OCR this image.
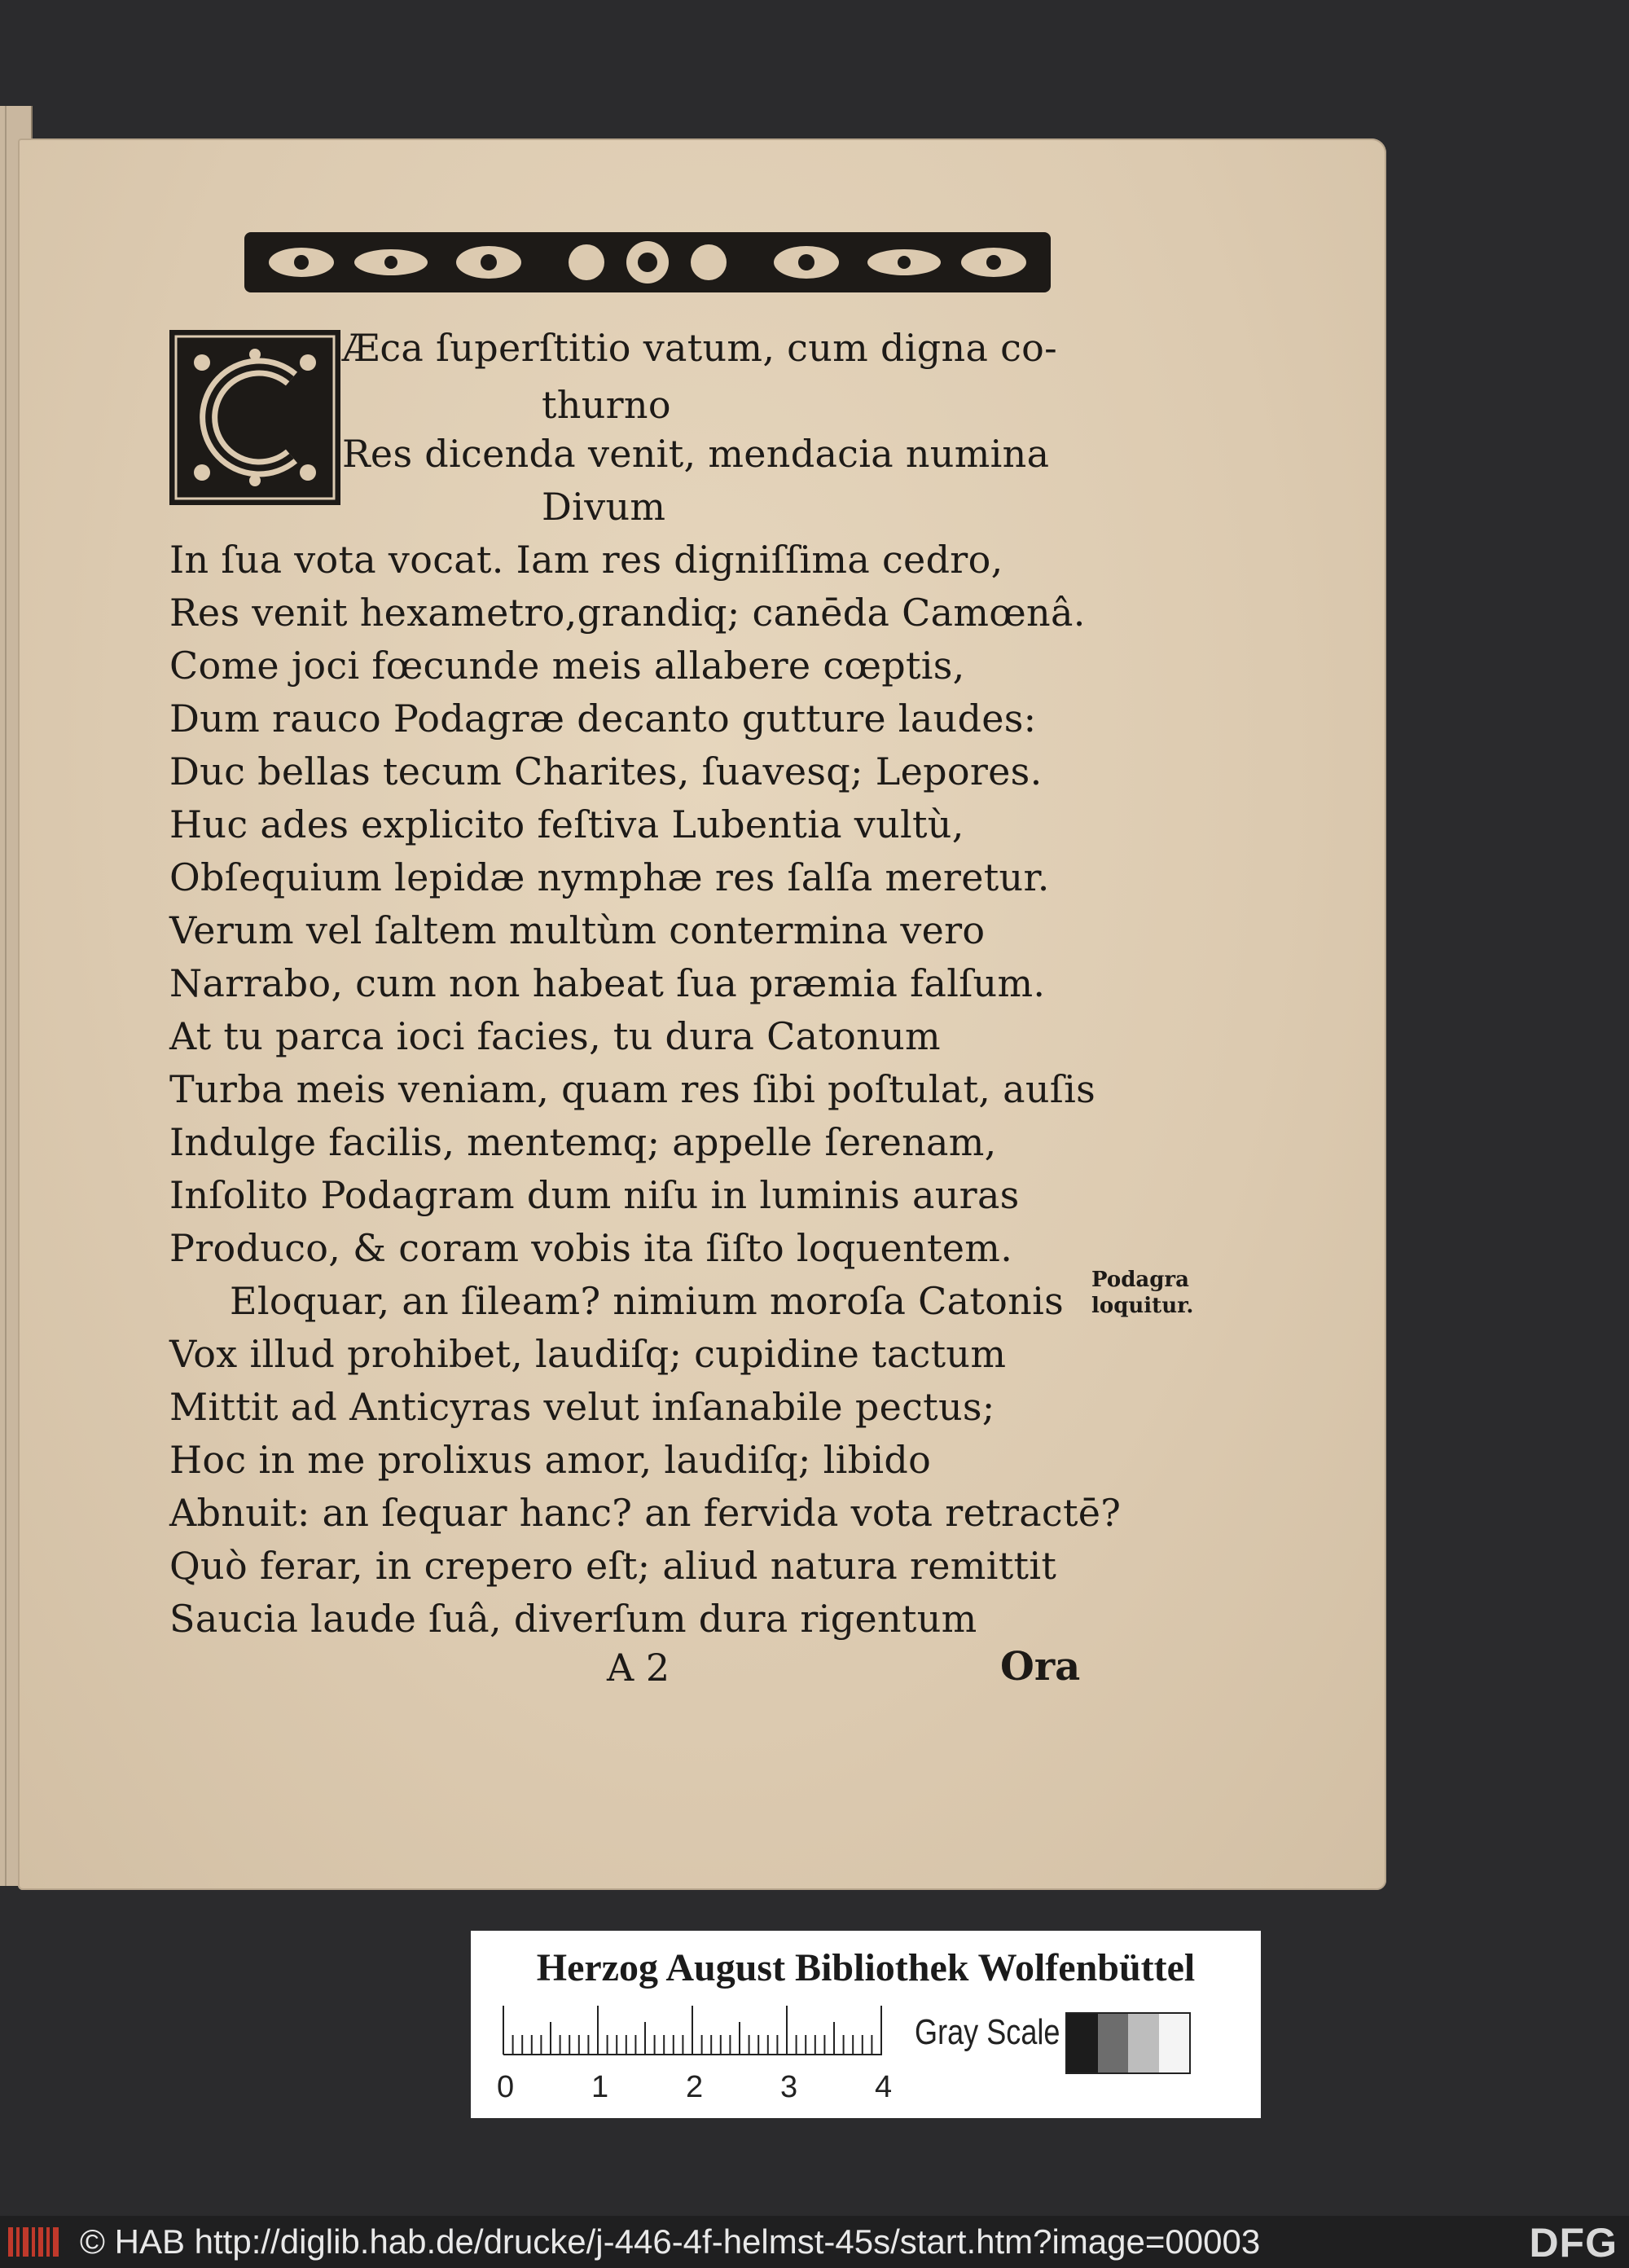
Æca ſuperſtitio vatum, cum digna co-
thurno
Res dicenda venit, mendacia numina
Divum
In ſua vota vocat. Iam res digniſſima cedro,
Res venit hexametro,grandiq; canēda Camœnâ.
Come joci fœcunde meis allabere cœptis,
Dum rauco Podagræ decanto gutture laudes:
Duc bellas tecum Charites, ſuavesq; Lepores.
Huc ades explicito feſtiva Lubentia vultù,
Obſequium lepidæ nymphæ res ſalſa meretur.
Verum vel ſaltem multùm contermina vero
Narrabo, cum non habeat ſua præmia falſum.
At tu parca ioci facies, tu dura Catonum
Turba meis veniam, quam res ſibi poſtulat, auſis
Indulge facilis, mentemq; appelle ſerenam,
Inſolito Podagram dum niſu in luminis auras
Produco, & coram vobis ita ſiſto loquentem.
Eloquar, an ſileam? nimium moroſa Catonis
Vox illud prohibet, laudiſq; cupidine tactum
Mittit ad Anticyras velut inſanabile pectus;
Hoc in me prolixus amor, laudiſq; libido
Abnuit: an ſequar hanc? an fervida vota retractē?
Quò ferar, in crepero eſt; aliud natura remittit
Saucia laude ſuâ, diverſum dura rigentum
Podagra
loquitur.
A 2	Ora
Herzog August Bibliothek Wolfenbüttel
0 1 2 3 4
Gray Scale
© HAB http://diglib.hab.de/drucke/j-446-4f-helmst-45s/start.htm?image=00003	DFG
